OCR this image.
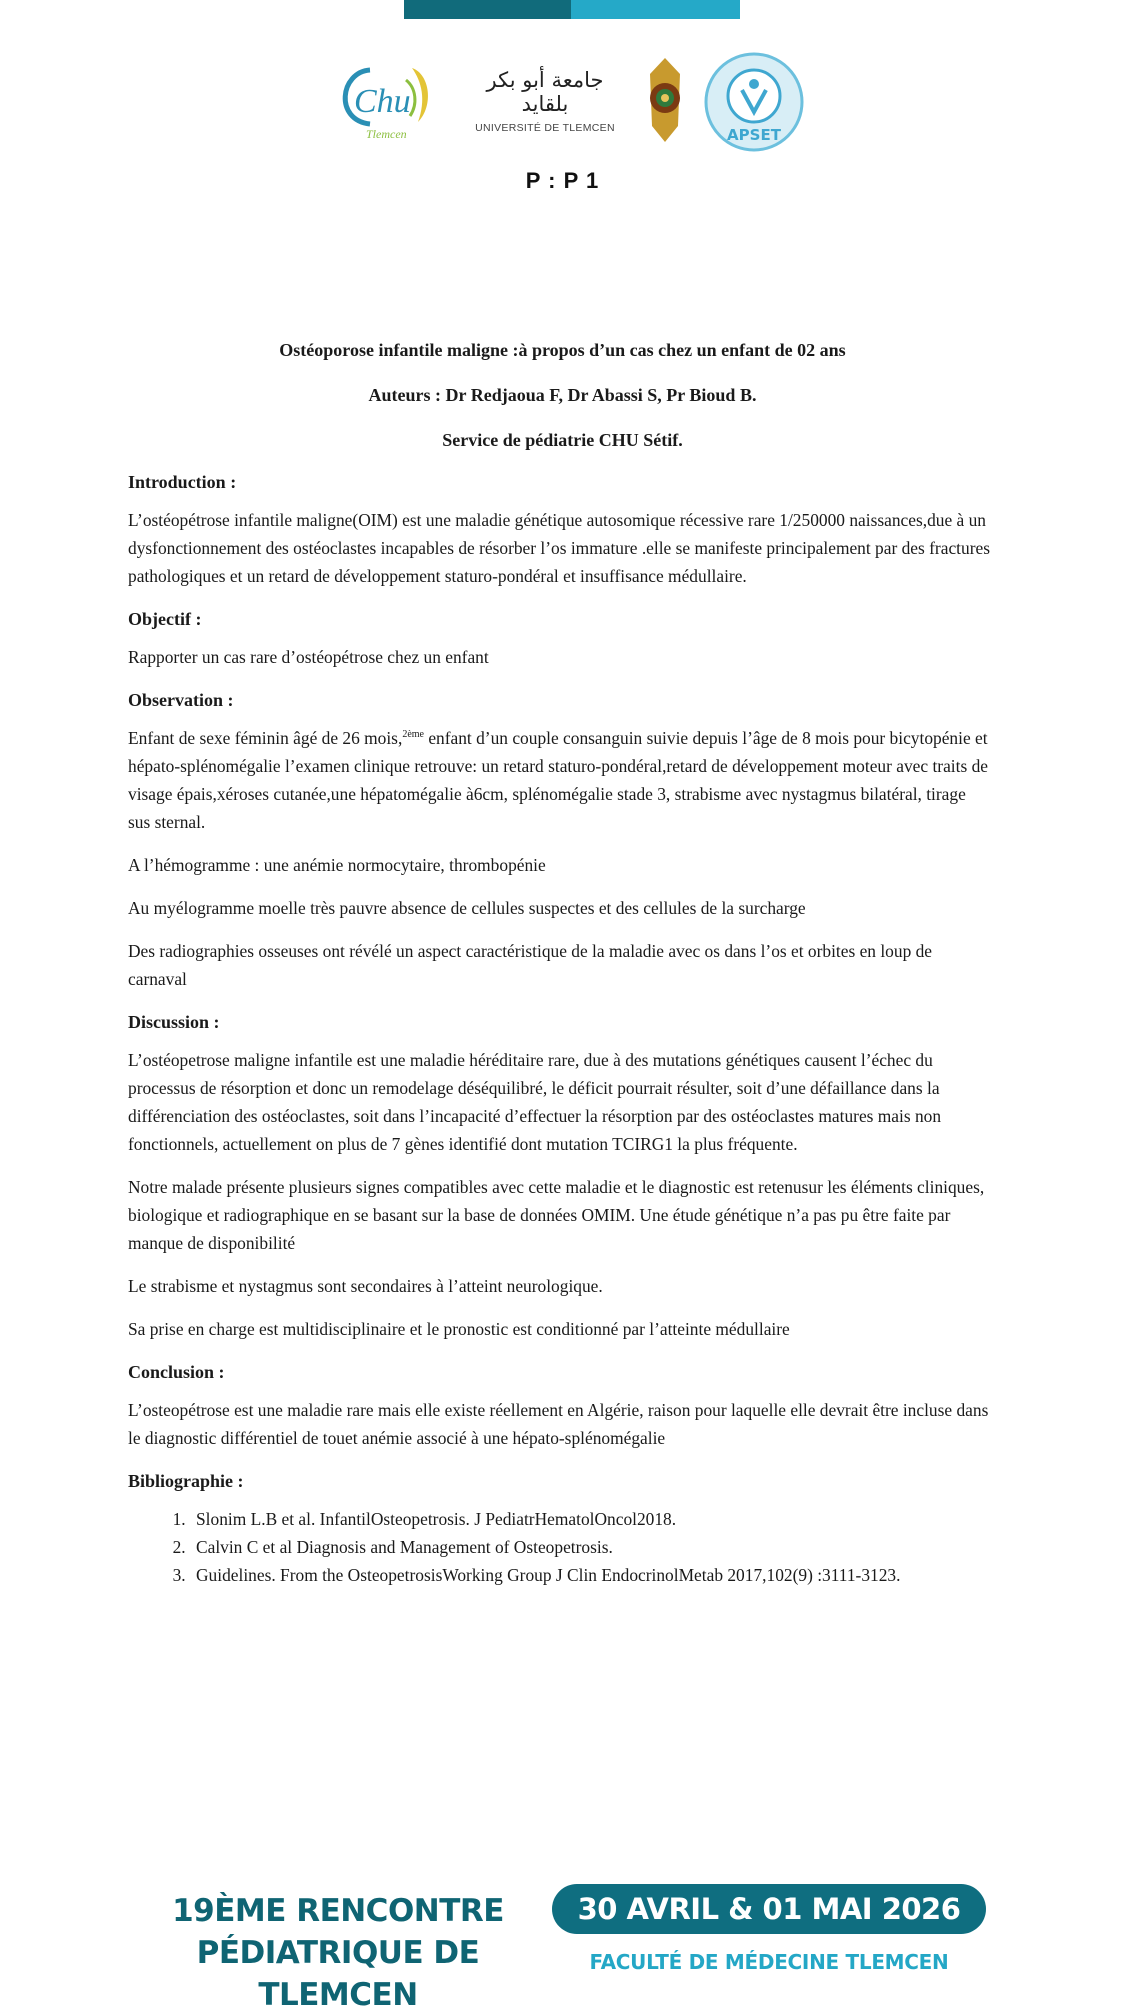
Chu
Tlemcen
جامعة أبو بكر بلقايد
UNIVERSITÉ DE TLEMCEN	APSET
P : P 1
Ostéoporose infantile maligne :à propos d’un cas chez un enfant de 02 ans
Auteurs : Dr Redjaoua F, Dr Abassi S, Pr Bioud B.
Service de pédiatrie CHU Sétif.
Introduction :

L’ostéopétrose infantile maligne(OIM) est une maladie génétique autosomique récessive rare 1/250000 naissances,due à un dysfonctionnement des ostéoclastes incapables de résorber l’os immature .elle se manifeste principalement par des fractures pathologiques et un retard de développement staturo-pondéral et insuffisance médullaire.

Objectif :

Rapporter un cas rare d’ostéopétrose chez un enfant

Observation :

Enfant de sexe féminin âgé de 26 mois,$^{2ème}$ enfant d’un couple consanguin suivie depuis l’âge de 8 mois pour bicytopénie et hépato-splénomégalie l’examen clinique retrouve: un retard staturo-pondéral,retard de développement moteur avec traits de visage épais,xéroses cutanée,une hépatomégalie à6cm, splénomégalie stade 3, strabisme avec nystagmus bilatéral, tirage sus sternal.

A l’hémogramme : une anémie normocytaire, thrombopénie

Au myélogramme moelle très pauvre absence de cellules suspectes et des cellules de la surcharge

Des radiographies osseuses ont révélé un aspect caractéristique de la maladie avec os dans l’os et orbites en loup de carnaval

Discussion :

L’ostéopetrose maligne infantile est une maladie héréditaire rare, due à des mutations génétiques causent l’échec du processus de résorption et donc un remodelage déséquilibré, le déficit pourrait résulter, soit d’une défaillance dans la différenciation des ostéoclastes, soit dans l’incapacité d’effectuer la résorption par des ostéoclastes matures mais non fonctionnels, actuellement on plus de 7 gènes identifié dont mutation TCIRG1 la plus fréquente.

Notre malade présente plusieurs signes compatibles avec cette maladie et le diagnostic est retenusur les éléments cliniques, biologique et radiographique en se basant sur la base de données OMIM. Une étude génétique n’a pas pu être faite par manque de disponibilité

Le strabisme et nystagmus sont secondaires à l’atteint neurologique.

Sa prise en charge est multidisciplinaire et le pronostic est conditionné par l’atteinte médullaire

Conclusion :

L’osteopétrose est une maladie rare mais elle existe réellement en Algérie, raison pour laquelle elle devrait être incluse dans le diagnostic différentiel de touet anémie associé à une hépato-splénomégalie

Bibliographie :
1. Slonim L.B et al. InfantilOsteopetrosis. J PediatrHematolOncol2018.
2. Calvin C et al Diagnosis and Management of Osteopetrosis.
3. Guidelines. From the OsteopetrosisWorking Group J Clin EndocrinolMetab 2017,102(9) :3111-3123.
19ÈME RENCONTRE
PÉDIATRIQUE DE TLEMCEN
30 AVRIL & 01 MAI 2026
FACULTÉ DE MÉDECINE TLEMCEN
